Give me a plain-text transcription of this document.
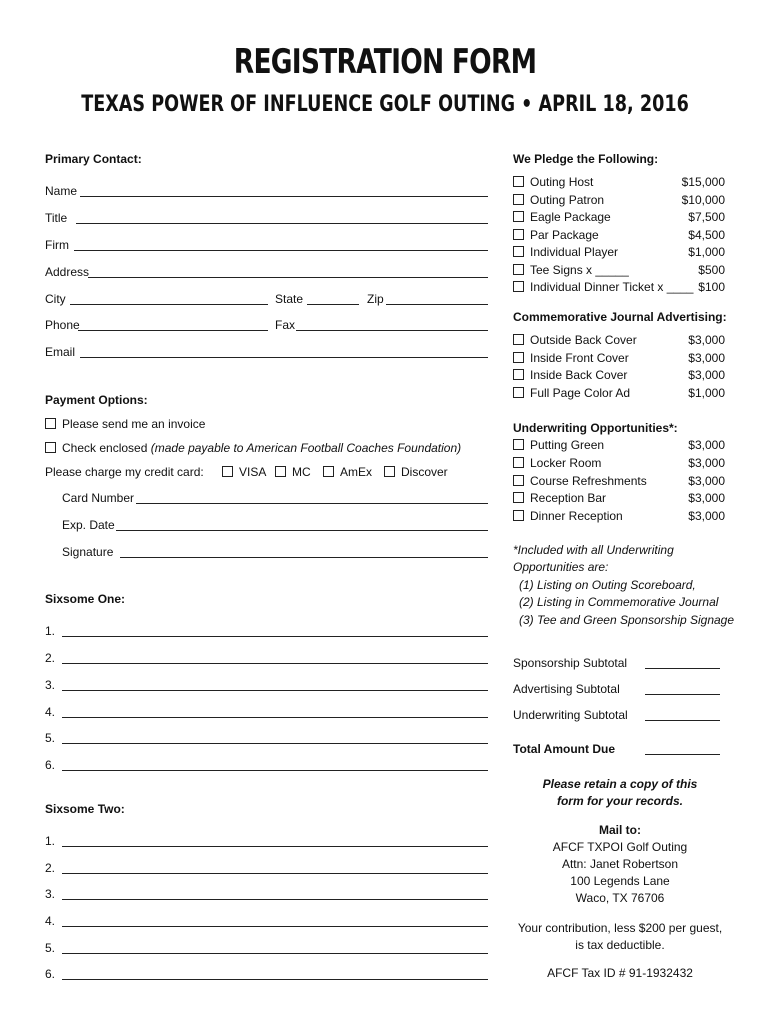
REGISTRATION FORM
TEXAS POWER OF INFLUENCE GOLF OUTING • APRIL 18, 2016
Primary Contact:
Name
Title
Firm
Address
City	State	Zip
Phone	Fax
Email
Payment Options:
Please send me an invoice
Check enclosed (made payable to American Football Coaches Foundation)
Please charge my credit card:	VISA	MC	AmEx	Discover
Card Number
Exp. Date
Signature
Sixsome One:
1.
2.
3.
4.
5.
6.
Sixsome Two:
1.
2.
3.
4.
5.
6.
We Pledge the Following:
Outing Host	$15,000
Outing Patron	$10,000
Eagle Package	$7,500
Par Package	$4,500
Individual Player	$1,000
Tee Signs x _____	$500
Individual Dinner Ticket x ____ $100
Commemorative Journal Advertising:
Outside Back Cover	$3,000
Inside Front Cover	$3,000
Inside Back Cover	$3,000
Full Page Color Ad	$1,000
Underwriting Opportunities*:
Putting Green	$3,000
Locker Room	$3,000
Course Refreshments	$3,000
Reception Bar	$3,000
Dinner Reception	$3,000
*Included with all Underwriting
Opportunities are:
(1) Listing on Outing Scoreboard,
(2) Listing in Commemorative Journal
(3) Tee and Green Sponsorship Signage
Sponsorship Subtotal
Advertising Subtotal
Underwriting Subtotal
Total Amount Due
Please retain a copy of this
form for your records.
Mail to:
AFCF TXPOI Golf Outing
Attn: Janet Robertson
100 Legends Lane
Waco, TX 76706
Your contribution, less $200 per guest,
is tax deductible.
AFCF Tax ID # 91-1932432
